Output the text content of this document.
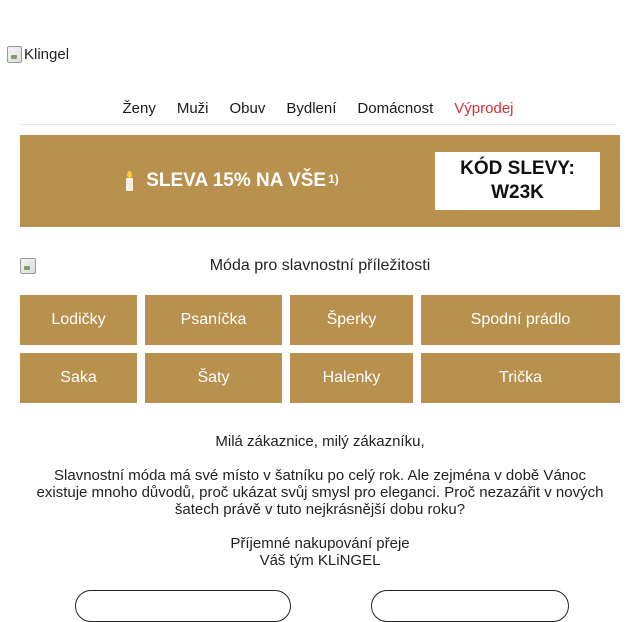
Klingel
Ženy Muži Obuv Bydlení Domácnost Výprodej
SLEVA 15% NA VŠE$^{1)}$	KÓD SLEVY:
W23K
Móda pro slavnostní příležitosti
Lodičky	Psaníčka	Šperky	Spodní prádlo
Saka	Šaty	Halenky	Trička
Milá zákaznice, milý zákazníku,
Slavnostní móda má své místo v šatníku po celý rok. Ale zejména v době Vánoc
existuje mnoho důvodů, proč ukázat svůj smysl pro eleganci. Proč nezazářit v nových
šatech právě v tuto nejkrásnější dobu roku?
Příjemné nakupování přeje
Váš tým KLiNGEL
